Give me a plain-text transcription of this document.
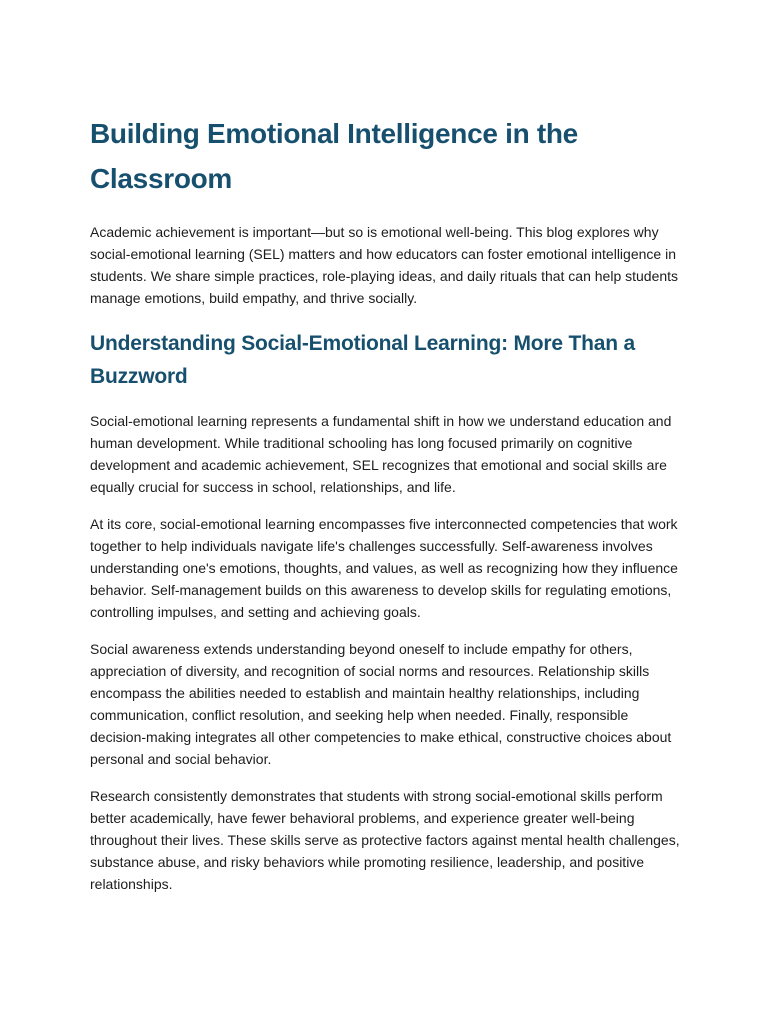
Building Emotional Intelligence in the Classroom

Academic achievement is important—but so is emotional well-being. This blog explores why social-emotional learning (SEL) matters and how educators can foster emotional intelligence in students. We share simple practices, role-playing ideas, and daily rituals that can help students manage emotions, build empathy, and thrive socially.

Understanding Social-Emotional Learning: More Than a Buzzword

Social-emotional learning represents a fundamental shift in how we understand education and human development. While traditional schooling has long focused primarily on cognitive development and academic achievement, SEL recognizes that emotional and social skills are equally crucial for success in school, relationships, and life.

At its core, social-emotional learning encompasses five interconnected competencies that work together to help individuals navigate life's challenges successfully. Self-awareness involves understanding one's emotions, thoughts, and values, as well as recognizing how they influence behavior. Self-management builds on this awareness to develop skills for regulating emotions, controlling impulses, and setting and achieving goals.

Social awareness extends understanding beyond oneself to include empathy for others, appreciation of diversity, and recognition of social norms and resources. Relationship skills encompass the abilities needed to establish and maintain healthy relationships, including communication, conflict resolution, and seeking help when needed. Finally, responsible decision-making integrates all other competencies to make ethical, constructive choices about personal and social behavior.

Research consistently demonstrates that students with strong social-emotional skills perform better academically, have fewer behavioral problems, and experience greater well-being throughout their lives. These skills serve as protective factors against mental health challenges, substance abuse, and risky behaviors while promoting resilience, leadership, and positive relationships.
